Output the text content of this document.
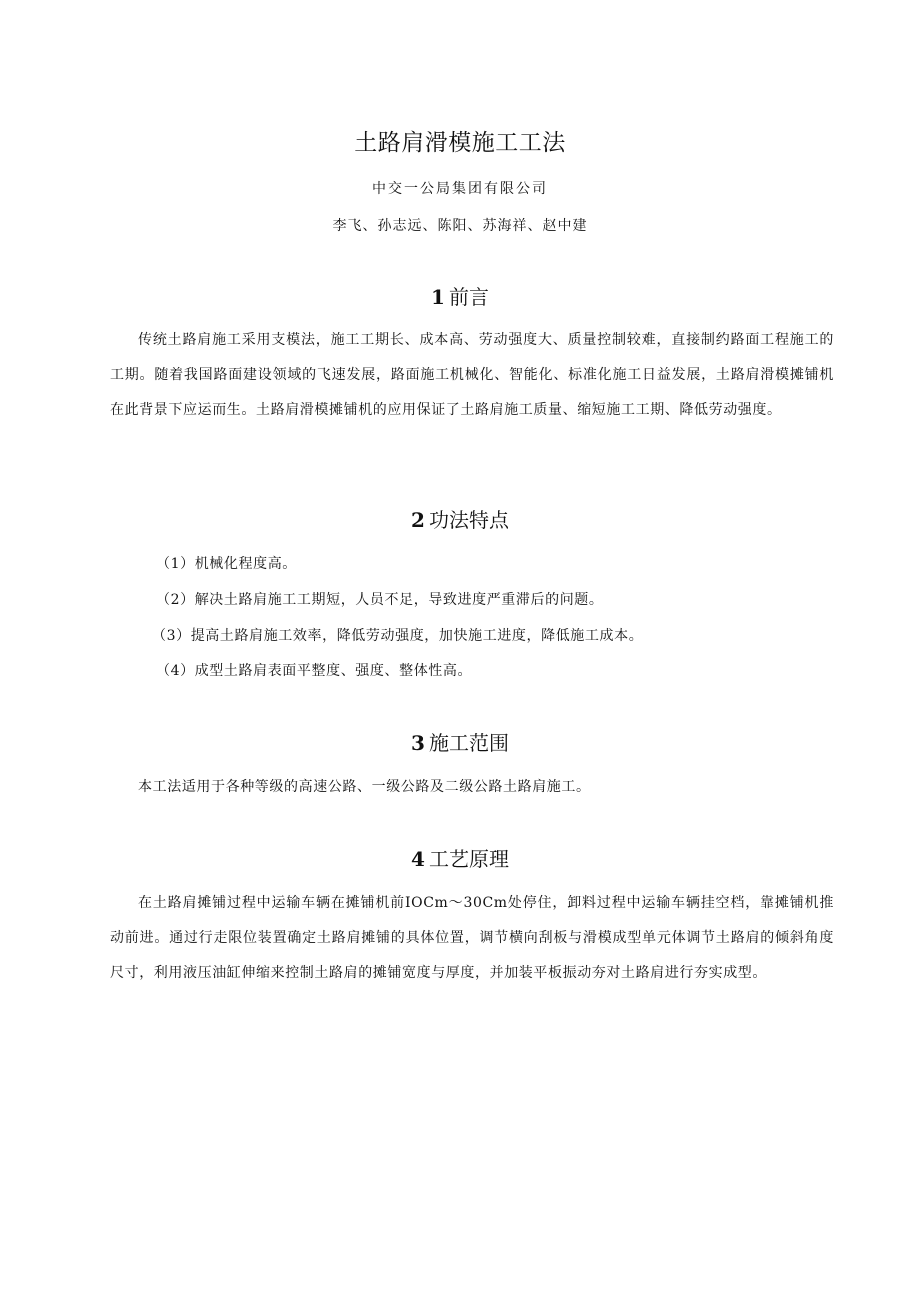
土路肩滑模施工工法
中交一公局集团有限公司
李飞、孙志远、陈阳、苏海祥、赵中建
1 前言

传统土路肩施工采用支模法，施工工期长、成本高、劳动强度大、质量控制较难，直接制约路面工程施工的工期。随着我国路面建设领域的飞速发展，路面施工机械化、智能化、标准化施工日益发展，土路肩滑模摊铺机在此背景下应运而生。土路肩滑模摊铺机的应用保证了土路肩施工质量、缩短施工工期、降低劳动强度。

2 功法特点

（1）机械化程度高。

（2）解决土路肩施工工期短，人员不足，导致进度严重滞后的问题。

（3）提高土路肩施工效率，降低劳动强度，加快施工进度，降低施工成本。

（4）成型土路肩表面平整度、强度、整体性高。

3 施工范围

本工法适用于各种等级的高速公路、一级公路及二级公路土路肩施工。

4 工艺原理

在土路肩摊铺过程中运输车辆在摊铺机前IOCm～30Cm处停住，卸料过程中运输车辆挂空档，靠摊铺机推动前进。通过行走限位装置确定土路肩摊铺的具体位置，调节横向刮板与滑模成型单元体调节土路肩的倾斜角度尺寸，利用液压油缸伸缩来控制土路肩的摊铺宽度与厚度，并加装平板振动夯对土路肩进行夯实成型。
